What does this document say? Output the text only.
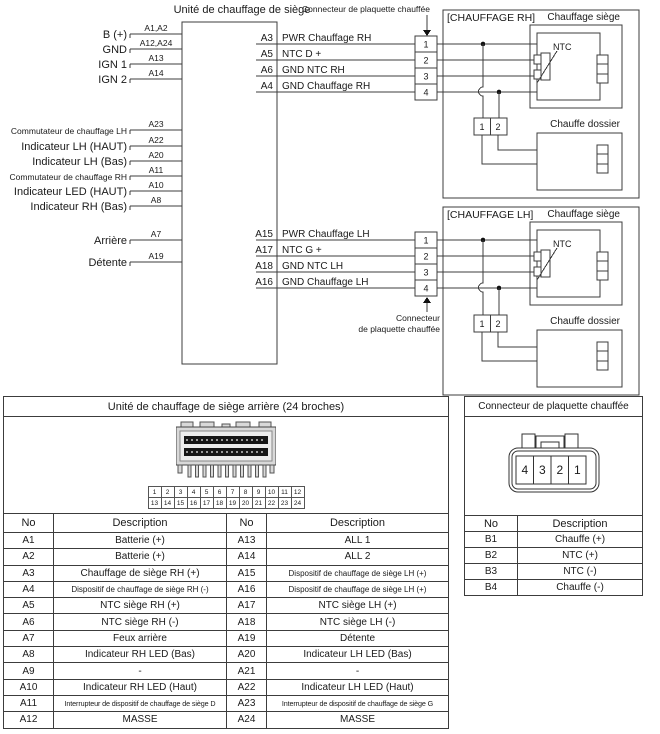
Unité de chauffage de siège
Connecteur de plaquette chauffée
A1,A2
B (+)
A12,A24
GND
A13
IGN 1
A14
IGN 2
A23
Commutateur de chauffage LH
A22
Indicateur LH (HAUT)
A20
Indicateur LH (Bas)
A11
Commutateur de chauffage RH
A10
Indicateur LED (HAUT)
A8
Indicateur RH (Bas)
A7
Arrière
A19
Détente
A3 PWR Chauffage RH
A5 NTC D +
A6 GND NTC RH
A4 GND Chauffage RH
1
2
3
4
A15 PWR Chauffage LH
A17 NTC G +
A18 GND NTC LH
A16 GND Chauffage LH
1
2
3
4
Connecteur
de plaquette chauffée
[CHAUFFAGE RH] Chauffage siège
NTC
1 2	Chauffe dossier
[CHAUFFAGE LH] Chauffage siège
NTC
1 2	Chauffe dossier
Unité de chauffage de siège arrière (24 broches)

1	2	3	4	5	6	7	8	9	10	11	12
13	14	15	16	17	18	19	20	21	22	23	24

No	Description	No	Description
A1	Batterie (+)	A13	ALL 1
A2	Batterie (+)	A14	ALL 2
A3	Chauffage de siège RH (+)	A15	Dispositif de chauffage de siège LH (+)
A4	Dispositif de chauffage de siège RH (-)	A16	Dispositif de chauffage de siège LH (+)
A5	NTC siège RH (+)	A17	NTC siège LH (+)
A6	NTC siège RH (-)	A18	NTC siège LH (-)
A7	Feux arrière	A19	Détente
A8	Indicateur RH LED (Bas)	A20	Indicateur LH LED (Bas)
A9	-	A21	-
A10	Indicateur RH LED (Haut)	A22	Indicateur LH LED (Haut)
A11	Interrupteur de dispositif de chauffage de siège D	A23	Interrupteur de dispositif de chauffage de siège G
A12	MASSE	A24	MASSE
Connecteur de plaquette chauffée	

4 3 2 1	

No	Description
B1	Chauffe (+)
B2	NTC (+)
B3	NTC (-)
B4	Chauffe (-)
